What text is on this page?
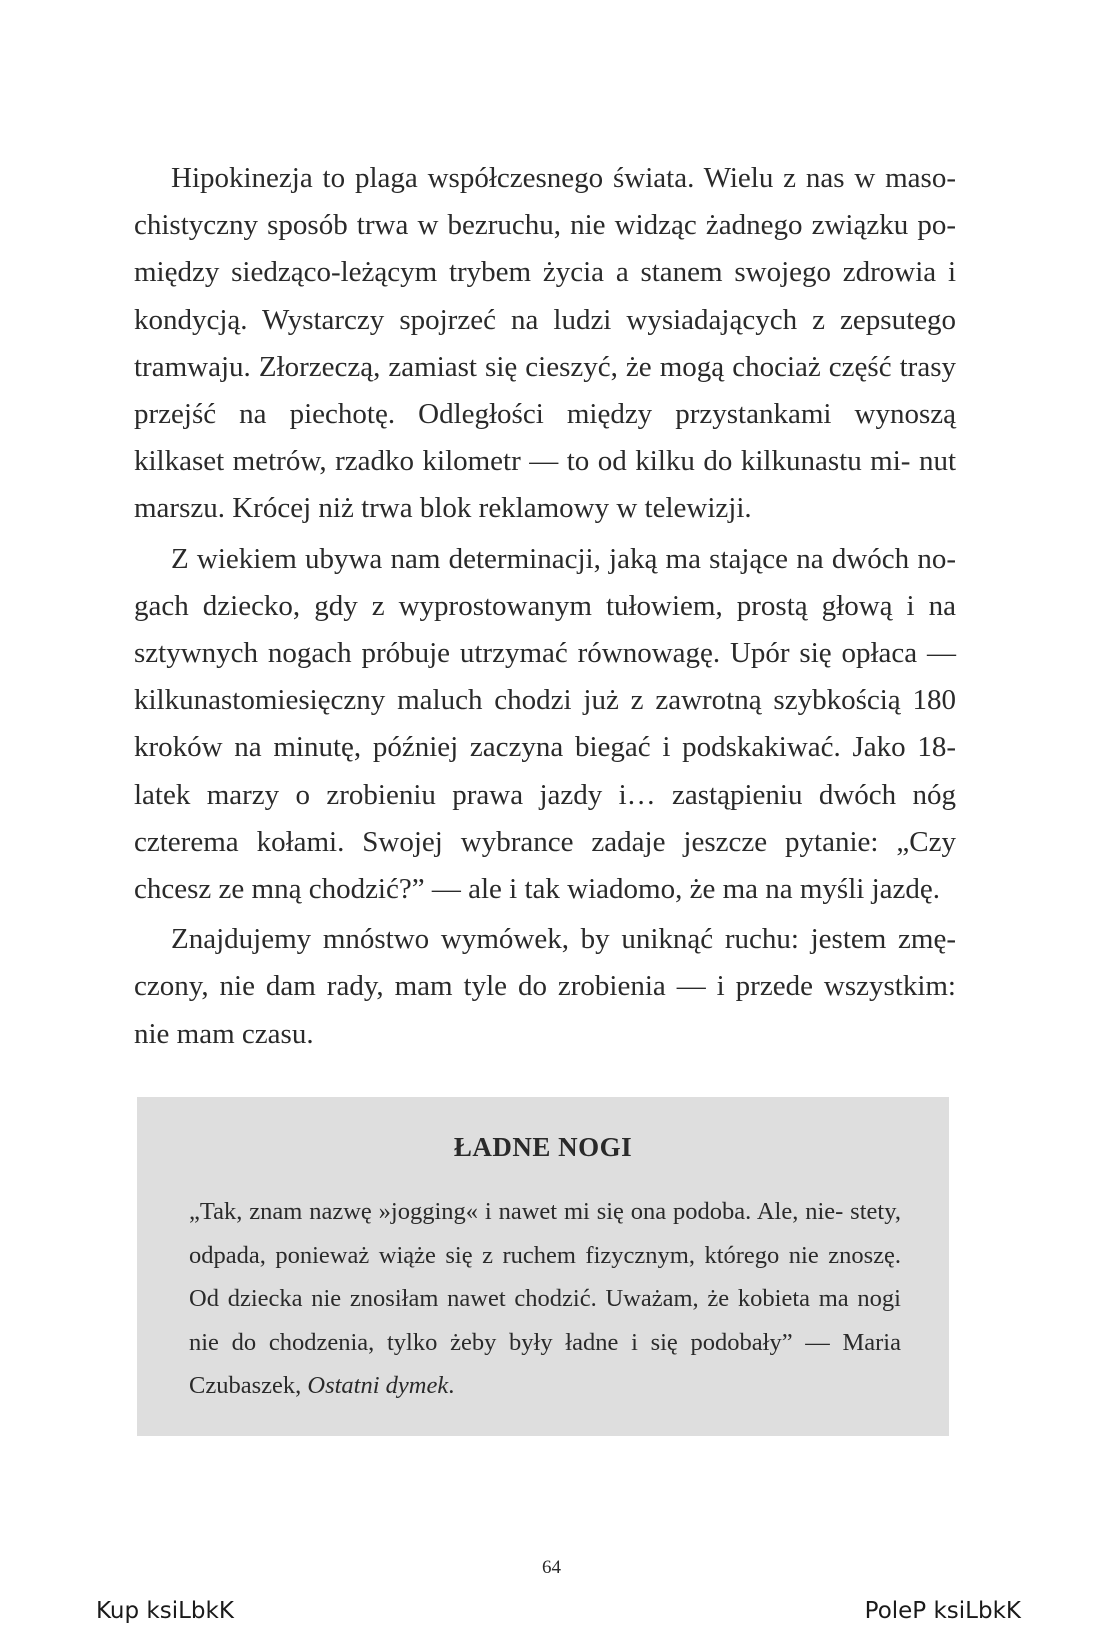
Hipokinezja to plaga współczesnego świata. Wielu z nas w maso- chistyczny sposób trwa w bezruchu, nie widząc żadnego związku po- między siedząco-leżącym trybem życia a stanem swojego zdrowia i kondycją. Wystarczy spojrzeć na ludzi wysiadających z zepsutego tramwaju. Złorzeczą, zamiast się cieszyć, że mogą chociaż część trasy przejść na piechotę. Odległości między przystankami wynoszą kilkaset metrów, rzadko kilometr — to od kilku do kilkunastu mi- nut marszu. Krócej niż trwa blok reklamowy w telewizji.

Z wiekiem ubywa nam determinacji, jaką ma stające na dwóch no- gach dziecko, gdy z wyprostowanym tułowiem, prostą głową i na sztywnych nogach próbuje utrzymać równowagę. Upór się opłaca — kilkunastomiesięczny maluch chodzi już z zawrotną szybkością 180 kroków na minutę, później zaczyna biegać i podskakiwać. Jako 18-latek marzy o zrobieniu prawa jazdy i… zastąpieniu dwóch nóg czterema kołami. Swojej wybrance zadaje jeszcze pytanie: „Czy chcesz ze mną chodzić?” — ale i tak wiadomo, że ma na myśli jazdę.

Znajdujemy mnóstwo wymówek, by uniknąć ruchu: jestem zmę- czony, nie dam rady, mam tyle do zrobienia — i przede wszystkim: nie mam czasu.

ŁADNE NOGI

„Tak, znam nazwę »jogging« i nawet mi się ona podoba. Ale, nie- stety, odpada, ponieważ wiąże się z ruchem fizycznym, którego nie znoszę. Od dziecka nie znosiłam nawet chodzić. Uważam, że kobieta ma nogi nie do chodzenia, tylko żeby były ładne i się podobały” — Maria Czubaszek, Ostatni dymek.

64
Kup ksiLbkK	PoleP ksiLbkK
